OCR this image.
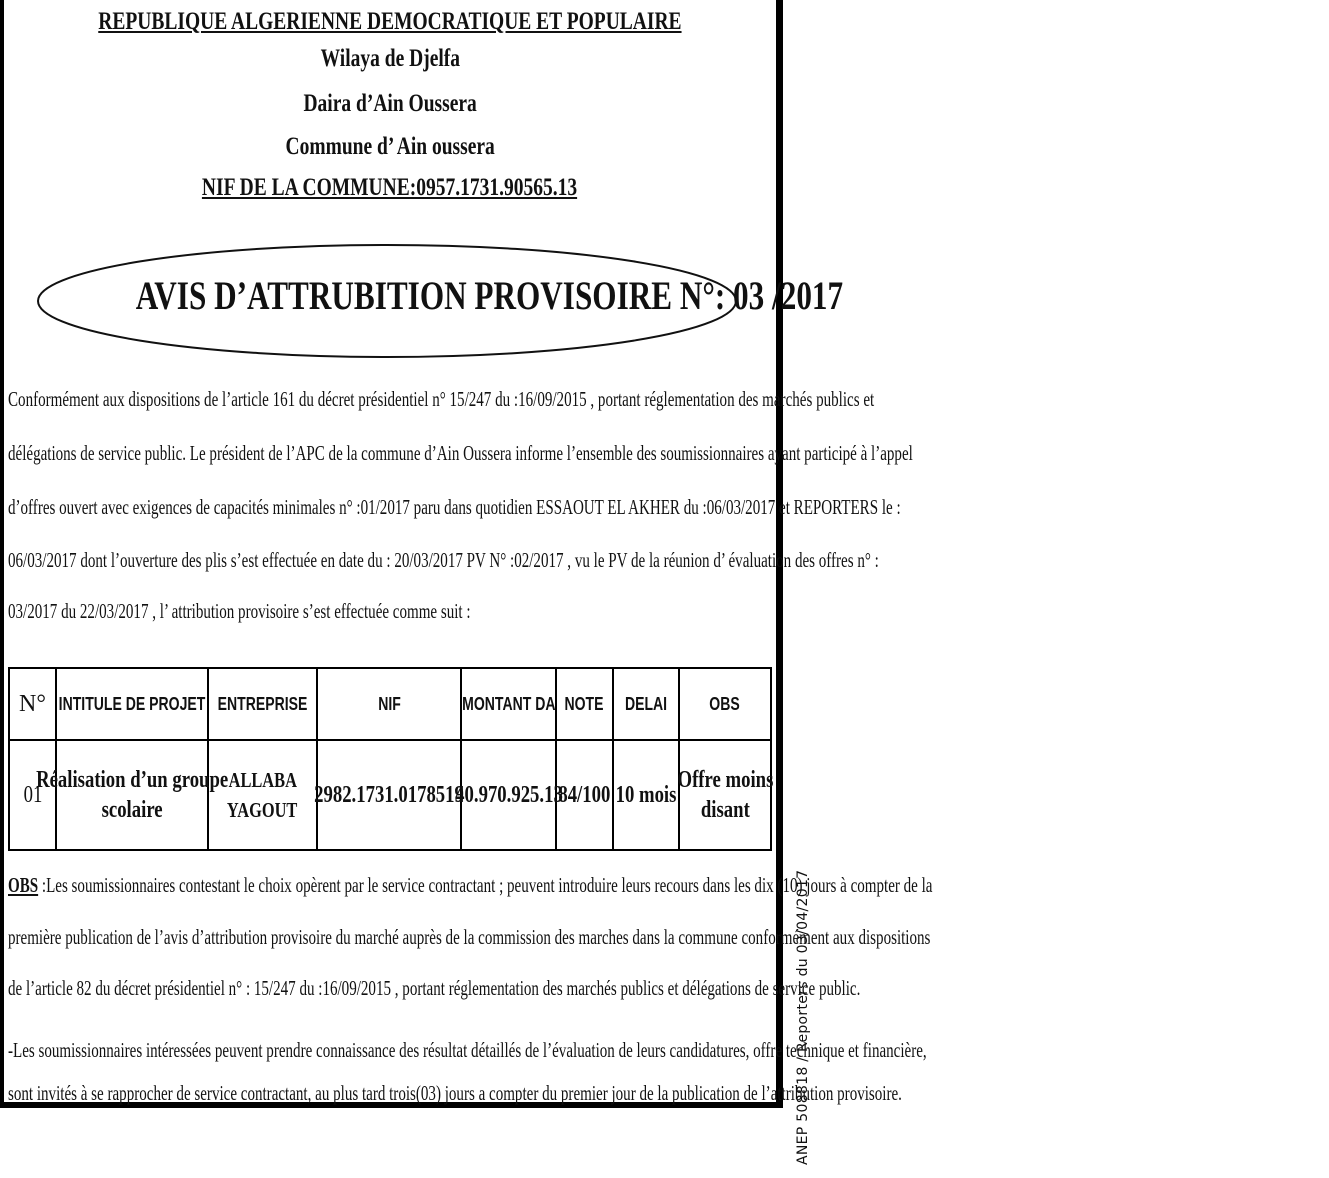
REPUBLIQUE ALGERIENNE DEMOCRATIQUE ET POPULAIRE
Wilaya de Djelfa
Daira d’Ain Oussera
Commune d’ Ain oussera
NIF DE LA COMMUNE:0957.1731.90565.13
AVIS D’ATTRUBITION PROVISOIRE N°: 03 /2017
Conformément aux dispositions de l’article 161 du décret présidentiel n° 15/247 du :16/09/2015 , portant réglementation des marchés publics et
délégations de service public. Le président de l’APC de la commune d’Ain Oussera informe l’ensemble des soumissionnaires ayant participé à l’appel
d’offres ouvert avec exigences de capacités minimales n° :01/2017 paru dans quotidien ESSAOUT EL AKHER du :06/03/2017 et REPORTERS le :
06/03/2017 dont l’ouverture des plis s’est effectuée en date du : 20/03/2017 PV N° :02/2017 , vu le PV de la réunion d’ évaluation des offres n° :
03/2017 du 22/03/2017 , l’ attribution provisoire s’est effectuée comme suit :
N° INTITULE DE PROJET ENTREPRISE	NIF	MONTANT DA NOTE DELAI OBS
01
Réalisation d’un groupe
scolaire
ALLABA
YAGOUT
2982.1731.0178519
40.970.925.13
84/100 10 mois
Offre moins
disant
OBS :Les soumissionnaires contestant le choix opèrent par le service contractant ; peuvent introduire leurs recours dans les dix (10) jours à compter de la
première publication de l’avis d’attribution provisoire du marché auprès de la commission des marches dans la commune conformément aux dispositions
de l’article 82 du décret présidentiel n° : 15/247 du :16/09/2015 , portant réglementation des marchés publics et délégations de service public.
-Les soumissionnaires intéressées peuvent prendre connaissance des résultat détaillés de l’évaluation de leurs candidatures, offre technique et financière,
sont invités à se rapprocher de service contractant, au plus tard trois(03) jours a compter du premier jour de la publication de l’attribution provisoire.
ANEP 508818 / Reporters du 03/04/2017
